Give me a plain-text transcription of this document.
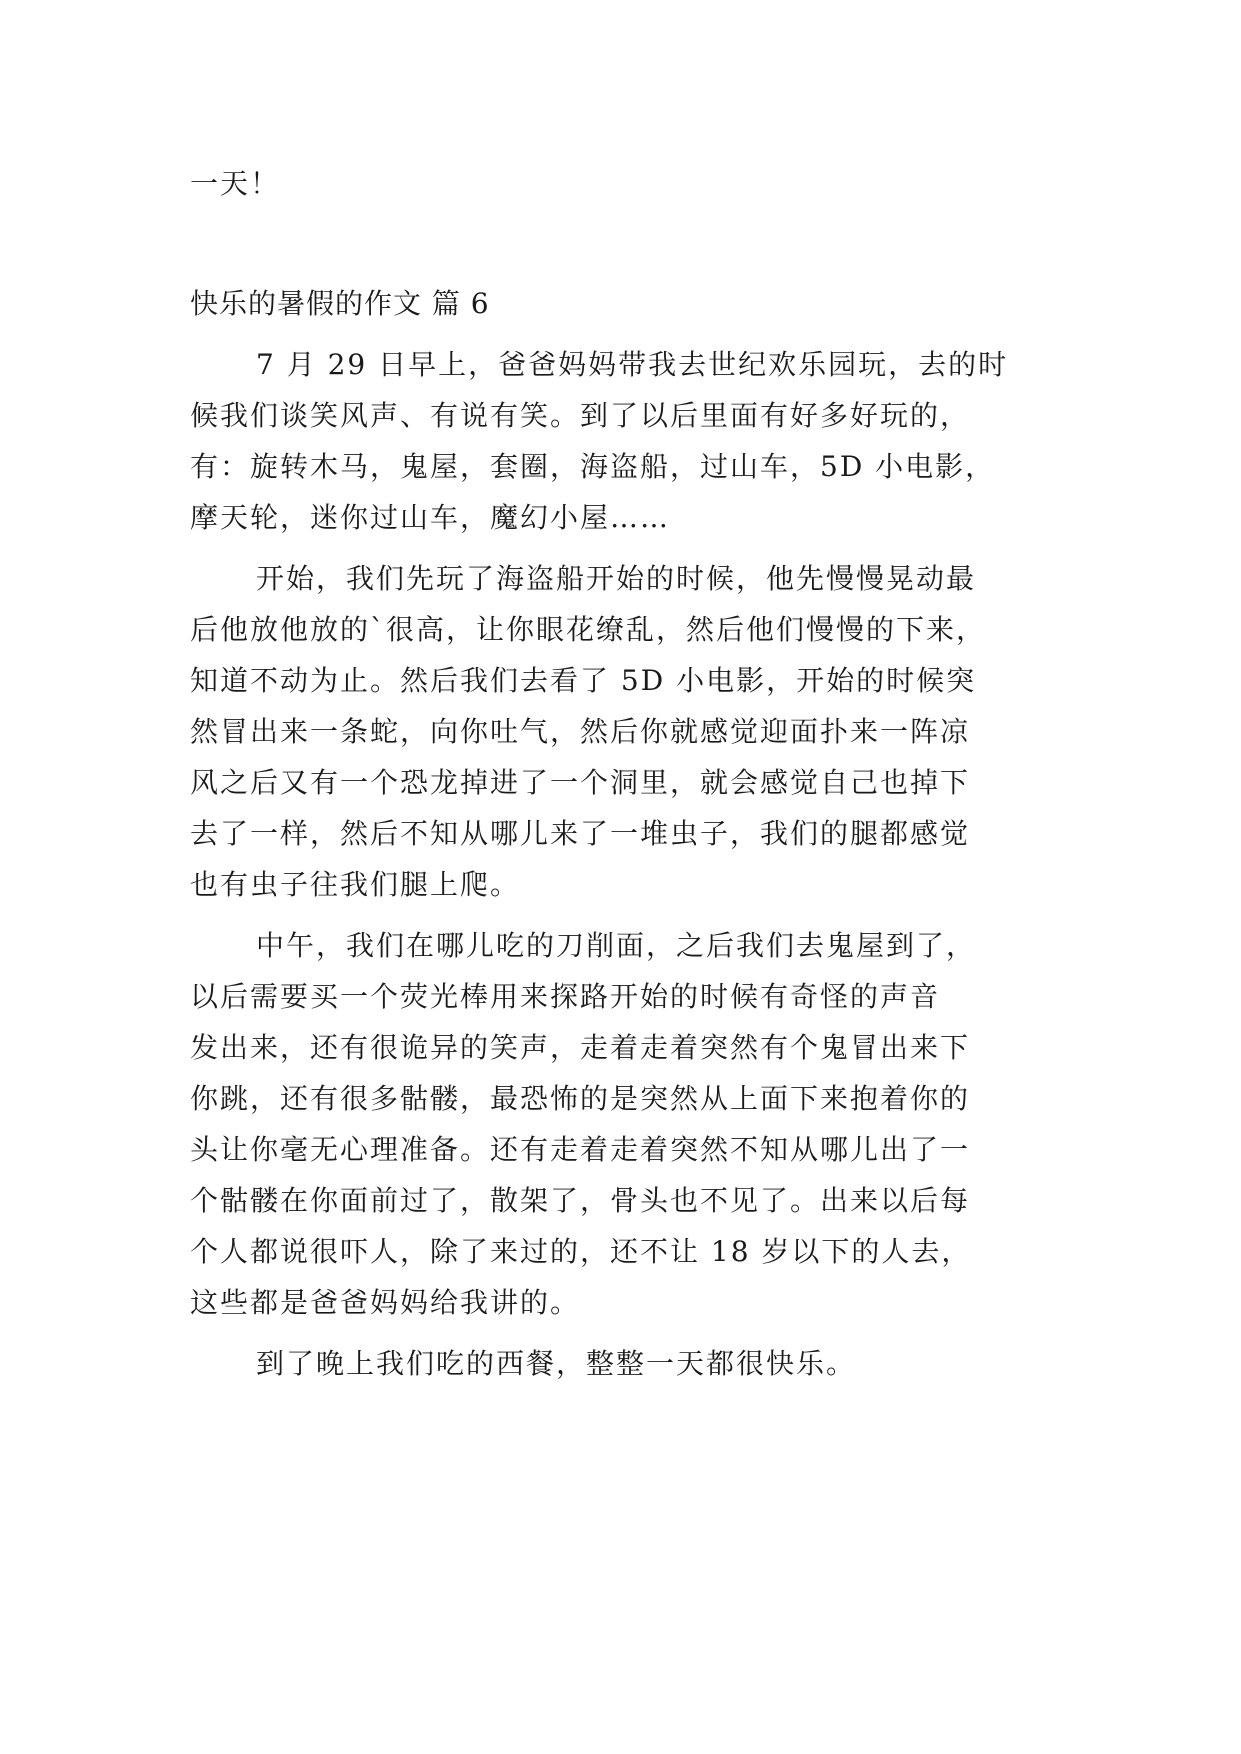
一天！

快乐的暑假的作文 篇 6

7 月 29 日早上，爸爸妈妈带我去世纪欢乐园玩，去的时

候我们谈笑风声、有说有笑。到了以后里面有好多好玩的，

有：旋转木马，鬼屋，套圈，海盗船，过山车，5D 小电影，

摩天轮，迷你过山车，魔幻小屋……

开始，我们先玩了海盗船开始的时候，他先慢慢晃动最

后他放他放的`很高，让你眼花缭乱，然后他们慢慢的下来，

知道不动为止。然后我们去看了 5D 小电影，开始的时候突

然冒出来一条蛇，向你吐气，然后你就感觉迎面扑来一阵凉

风之后又有一个恐龙掉进了一个洞里，就会感觉自己也掉下

去了一样，然后不知从哪儿来了一堆虫子，我们的腿都感觉

也有虫子往我们腿上爬。

中午，我们在哪儿吃的刀削面，之后我们去鬼屋到了，

以后需要买一个荧光棒用来探路开始的时候有奇怪的声音

发出来，还有很诡异的笑声，走着走着突然有个鬼冒出来下

你跳，还有很多骷髅，最恐怖的是突然从上面下来抱着你的

头让你毫无心理准备。还有走着走着突然不知从哪儿出了一

个骷髅在你面前过了，散架了，骨头也不见了。出来以后每

个人都说很吓人，除了来过的，还不让 18 岁以下的人去，

这些都是爸爸妈妈给我讲的。

到了晚上我们吃的西餐，整整一天都很快乐。
